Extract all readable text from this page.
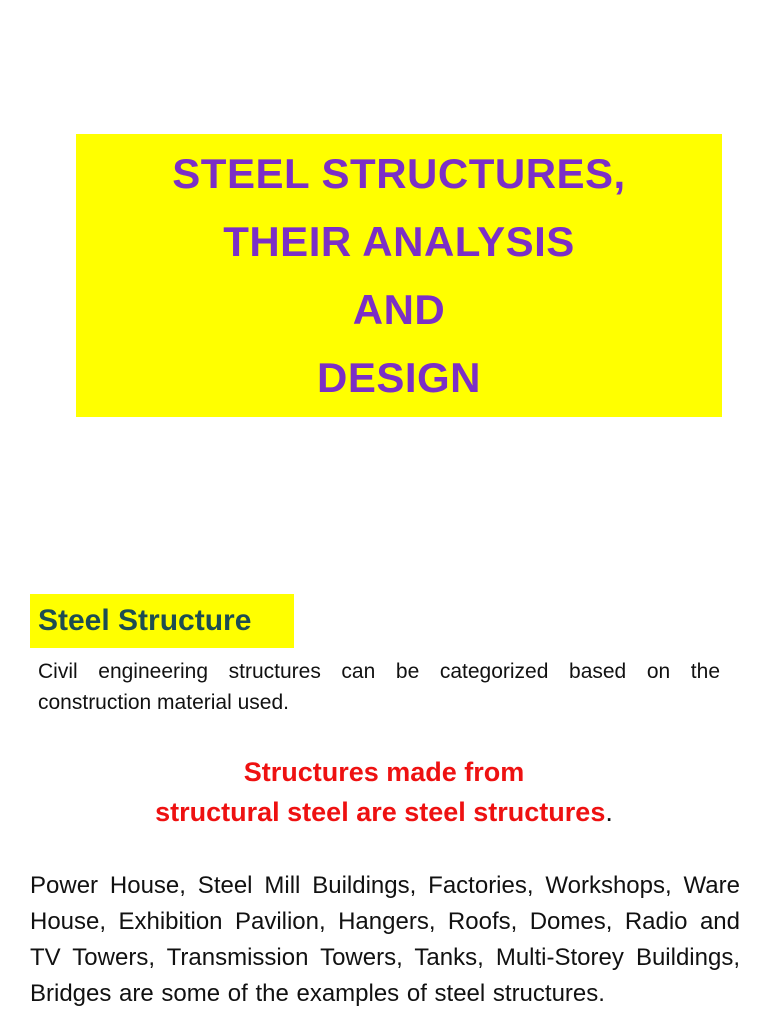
STEEL STRUCTURES,
THEIR ANALYSIS
AND
DESIGN
Steel Structure
Civil engineering structures can be categorized based on the construction material used.
Structures made from
structural steel are steel structures.
Power House, Steel Mill Buildings, Factories, Workshops, Ware House, Exhibition Pavilion, Hangers, Roofs, Domes, Radio and TV Towers, Transmission Towers, Tanks, Multi-Storey Buildings, Bridges are some of the examples of steel structures.
